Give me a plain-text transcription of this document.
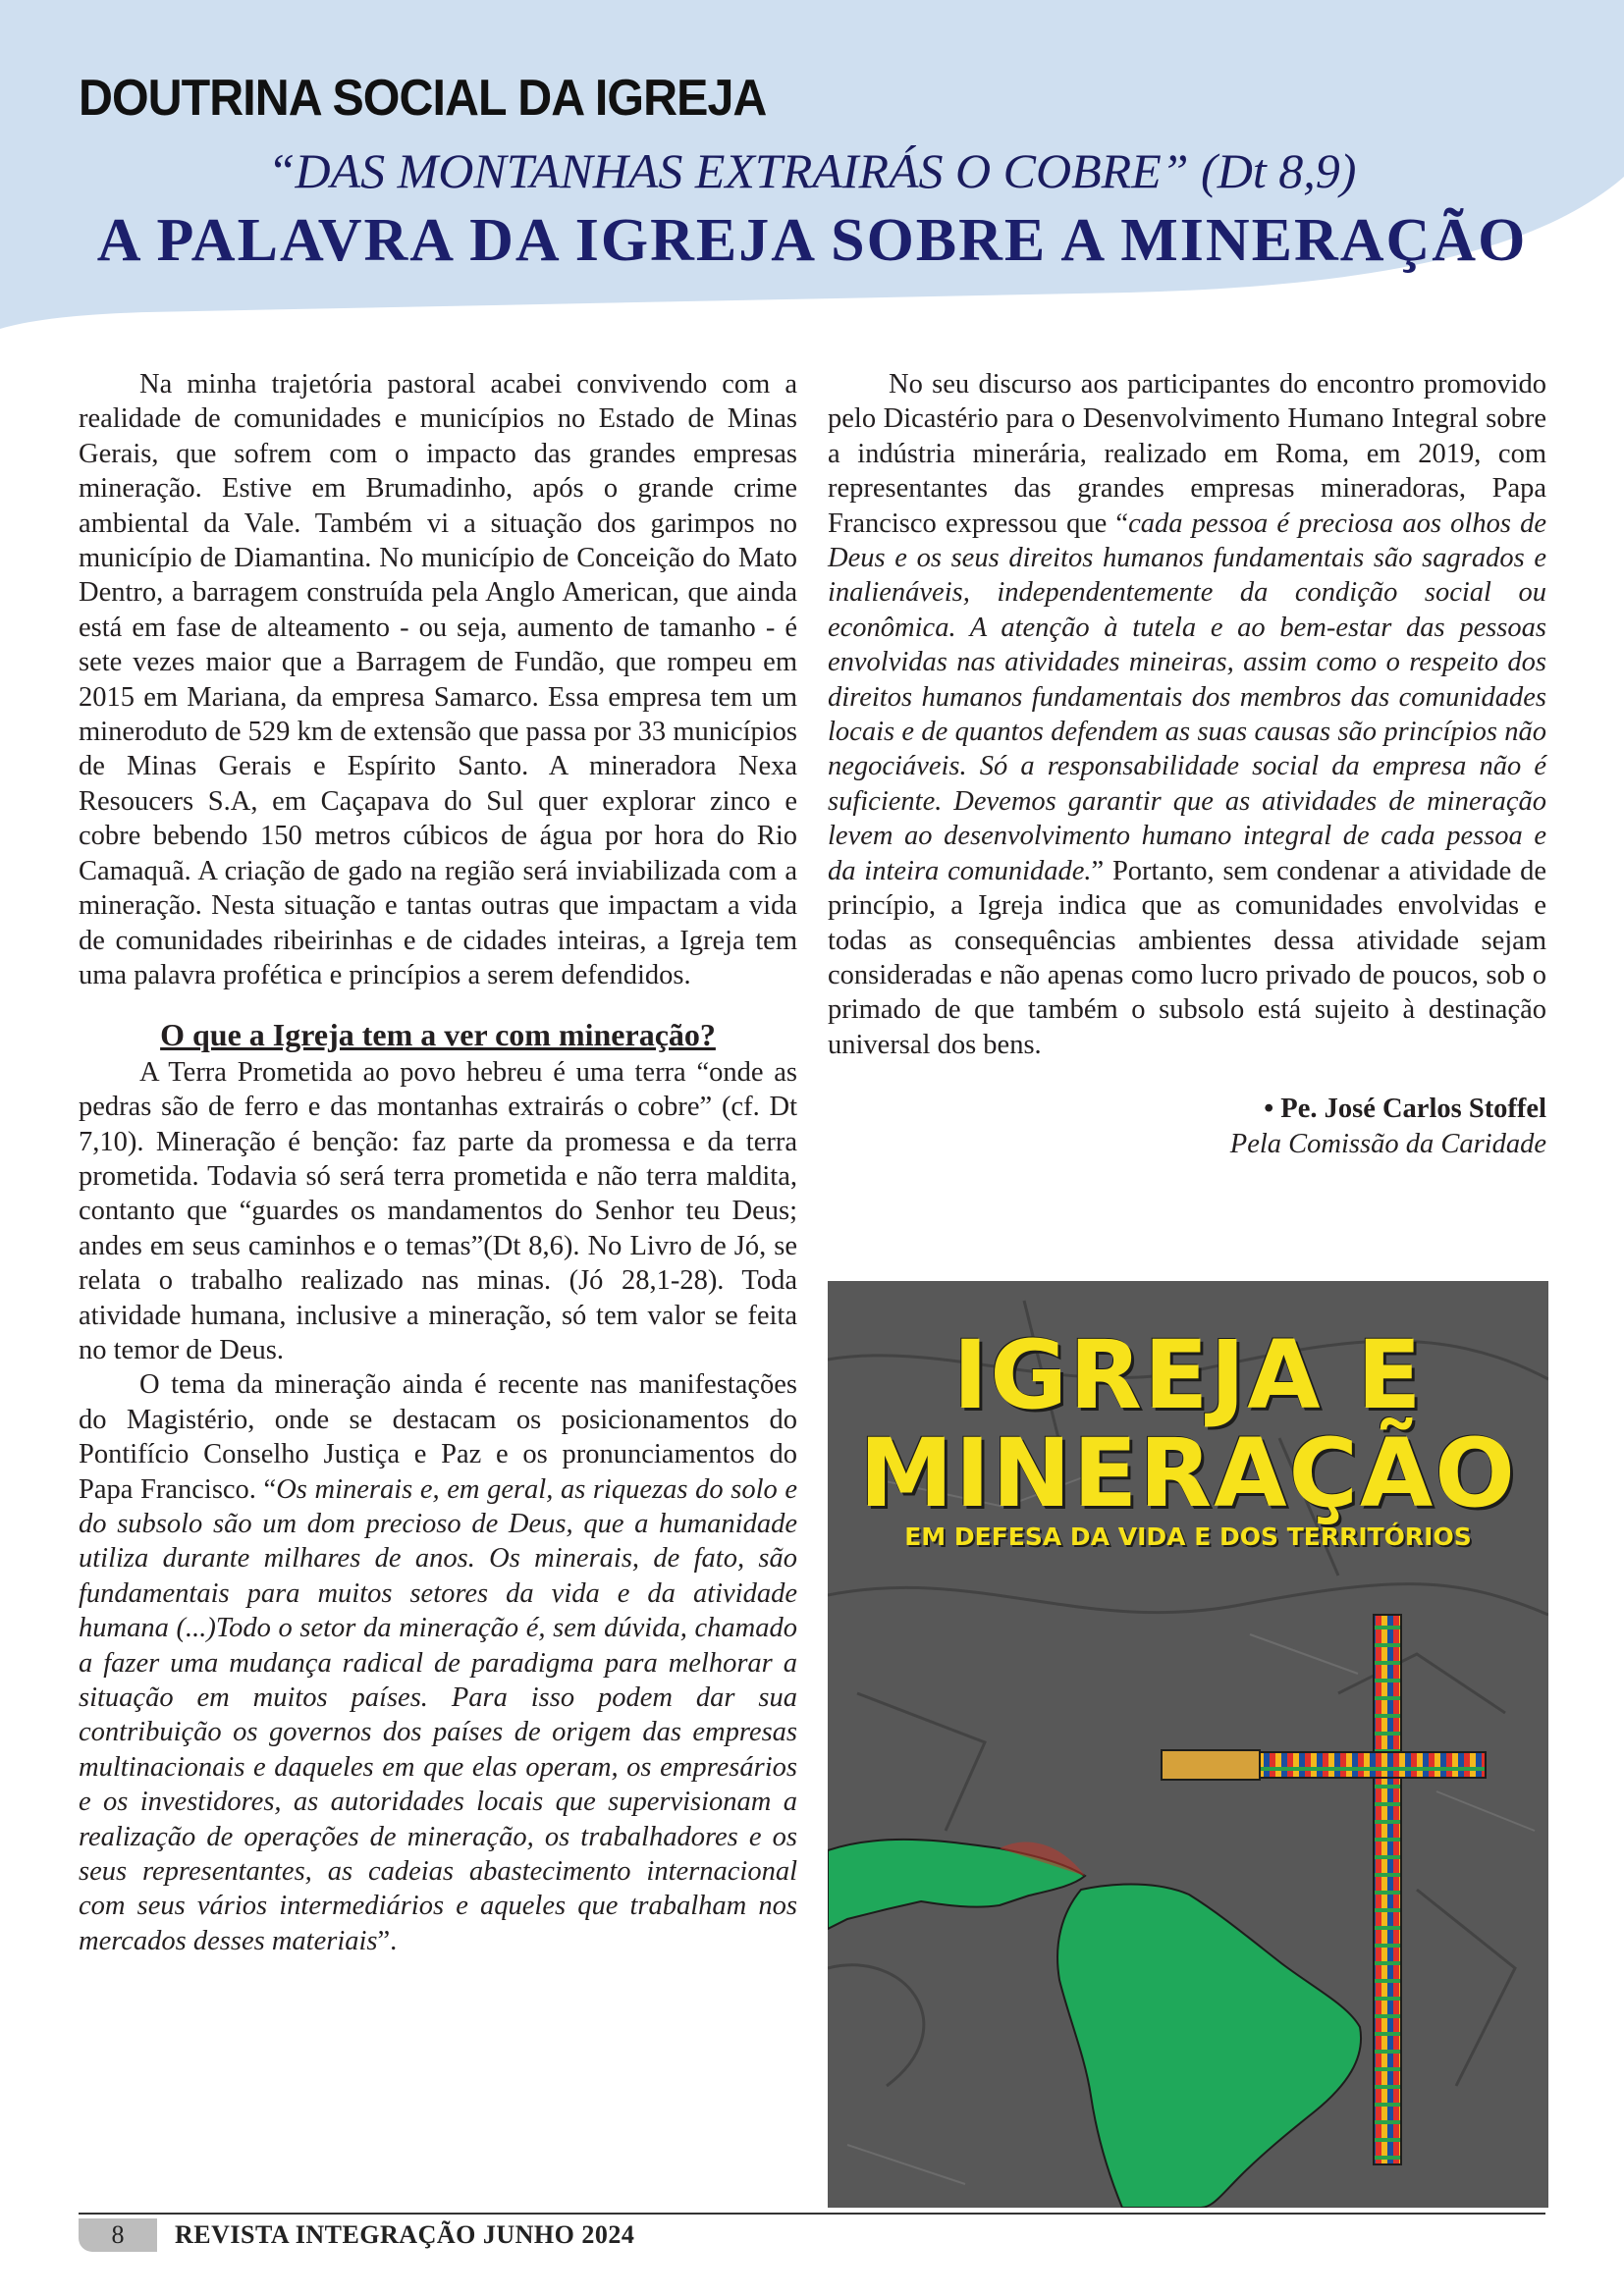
DOUTRINA SOCIAL DA IGREJA
“DAS MONTANHAS EXTRAIRÁS O COBRE” (Dt 8,9)
A PALAVRA DA IGREJA SOBRE A MINERAÇÃO

Na minha trajetória pastoral acabei convivendo com a realidade de comunidades e municípios no Estado de Minas Gerais, que sofrem com o impacto das grandes empresas mineração. Estive em Brumadinho, após o grande crime ambiental da Vale. Também vi a situação dos garimpos no município de Diamantina. No município de Conceição do Mato Dentro, a barragem construída pela Anglo American, que ainda está em fase de alteamento - ou seja, aumento de tamanho - é sete vezes maior que a Barragem de Fundão, que rompeu em 2015 em Mariana, da empresa Samarco. Essa empresa tem um mineroduto de 529 km de extensão que passa por 33 municípios de Minas Gerais e Espírito Santo. A mineradora Nexa Resoucers S.A, em Caçapava do Sul quer explorar zinco e cobre bebendo 150 metros cúbicos de água por hora do Rio Camaquã. A criação de gado na região será inviabilizada com a mineração. Nesta situação e tantas outras que impactam a vida de comunidades ribeirinhas e de cidades inteiras, a Igreja tem uma palavra profética e princípios a serem defendidos.

O que a Igreja tem a ver com mineração?

A Terra Prometida ao povo hebreu é uma terra “onde as pedras são de ferro e das montanhas extrairás o cobre” (cf. Dt 7,10). Mineração é benção: faz parte da promessa e da terra prometida. Todavia só será terra prometida e não terra maldita, contanto que “guardes os mandamentos do Senhor teu Deus; andes em seus caminhos e o temas”(Dt 8,6). No Livro de Jó, se relata o trabalho realizado nas minas. (Jó 28,1-28). Toda atividade humana, inclusive a mineração, só tem valor se feita no temor de Deus.

O tema da mineração ainda é recente nas manifestações do Magistério, onde se destacam os posicionamentos do Pontifício Conselho Justiça e Paz e os pronunciamentos do Papa Francisco. “Os minerais e, em geral, as riquezas do solo e do subsolo são um dom precioso de Deus, que a humanidade utiliza durante milhares de anos. Os minerais, de fato, são fundamentais para muitos setores da vida e da atividade humana (...)Todo o setor da mineração é, sem dúvida, chamado a fazer uma mudança radical de paradigma para melhorar a situação em muitos países. Para isso podem dar sua contribuição os governos dos países de origem das empresas multinacionais e daqueles em que elas operam, os empresários e os investidores, as autoridades locais que supervisionam a realização de operações de mineração, os trabalhadores e os seus representantes, as cadeias abastecimento internacional com seus vários intermediários e aqueles que trabalham nos mercados desses materiais”.

No seu discurso aos participantes do encontro promovido pelo Dicastério para o Desenvolvimento Humano Integral sobre a indústria minerária, realizado em Roma, em 2019, com representantes das grandes empresas mineradoras, Papa Francisco expressou que “cada pessoa é preciosa aos olhos de Deus e os seus direitos humanos fundamentais são sagrados e inalienáveis, independentemente da condição social ou econômica. A atenção à tutela e ao bem-estar das pessoas envolvidas nas atividades mineiras, assim como o respeito dos direitos humanos fundamentais dos membros das comunidades locais e de quantos defendem as suas causas são princípios não negociáveis. Só a responsabilidade social da empresa não é suficiente. Devemos garantir que as atividades de mineração levem ao desenvolvimento humano integral de cada pessoa e da inteira comunidade.” Portanto, sem condenar a atividade de princípio, a Igreja indica que as comunidades envolvidas e todas as consequências ambientes dessa atividade sejam consideradas e não apenas como lucro privado de poucos, sob o primado de que também o subsolo está sujeito à destinação universal dos bens.

• Pe. José Carlos Stoffel
Pela Comissão da Caridade
IGREJA E
MINERAÇÃO
EM DEFESA DA VIDA E DOS TERRITÓRIOS
8	REVISTA INTEGRAÇÃO JUNHO 2024
